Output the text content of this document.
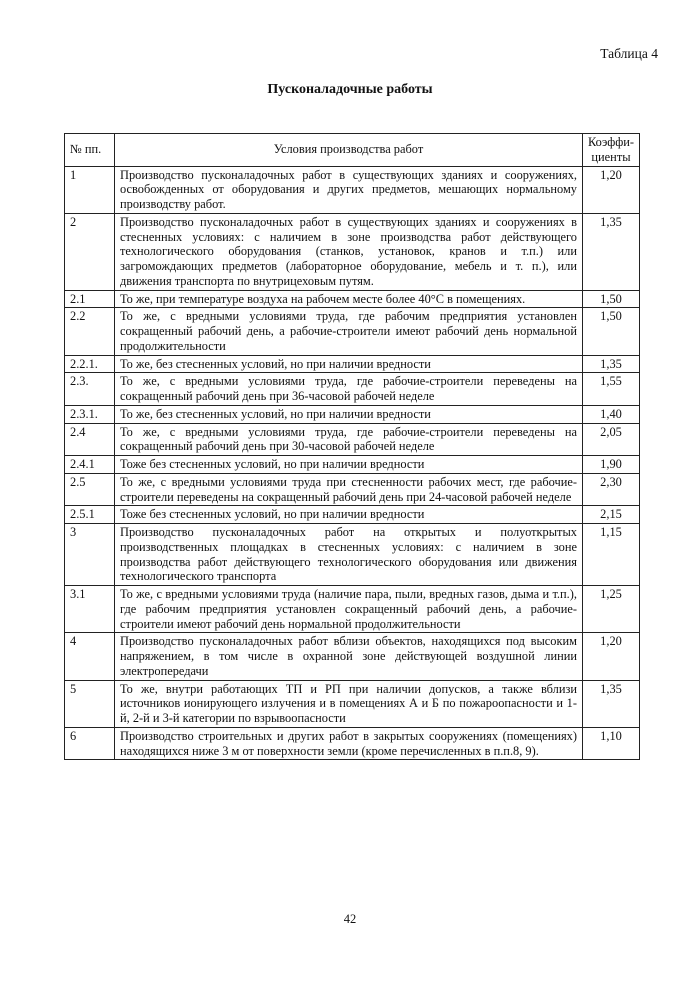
Таблица 4
Пусконаладочные работы
№ пп.	Условия производства работ	Коэффи-циенты
1	Производство пусконаладочных работ в существующих зданиях и сооружениях, освобожденных от оборудования и других предметов, мешающих нормальному производству работ.	1,20
2	Производство пусконаладочных работ в существующих зданиях и сооружениях в стесненных условиях: с наличием в зоне производства работ действующего технологического оборудования (станков, установок, кранов и т.п.) или загромождающих предметов (лабораторное оборудование, мебель и т. п.), или движения транспорта по внутрицеховым путям.	1,35
2.1	То же, при температуре воздуха на рабочем месте более 40°С в помещениях.	1,50
2.2	То же, с вредными условиями труда, где рабочим предприятия установлен сокращенный рабочий день, а рабочие-строители имеют рабочий день нормальной продолжительности	1,50
2.2.1.	То же, без стесненных условий, но при наличии вредности	1,35
2.3.	То же, с вредными условиями труда, где рабочие-строители переведены на сокращенный рабочий день при 36-часовой рабочей неделе	1,55
2.3.1.	То же, без стесненных условий, но при наличии вредности	1,40
2.4	То же, с вредными условиями труда, где рабочие-строители переведены на сокращенный рабочий день при 30-часовой рабочей неделе	2,05
2.4.1	Тоже без стесненных условий, но при наличии вредности	1,90
2.5	То же, с вредными условиями труда при стесненности рабочих мест, где рабочие-строители переведены на сокращенный рабочий день при 24-часовой рабочей неделе	2,30
2.5.1	Тоже без стесненных условий, но при наличии вредности	2,15
3	Производство пусконаладочных работ на открытых и полуоткрытых производственных площадках в стесненных условиях: с наличием в зоне производства работ действующего технологического оборудования или движения технологического транспорта	1,15
3.1	То же, с вредными условиями труда (наличие пара, пыли, вредных газов, дыма и т.п.), где рабочим предприятия установлен сокращенный рабочий день, а рабочие-строители имеют рабочий день нормальной продолжительности	1,25
4	Производство пусконаладочных работ вблизи объектов, находящихся под высоким напряжением, в том числе в охранной зоне действующей воздушной линии электропередачи	1,20
5	То же, внутри работающих ТП и РП при наличии допусков, а также вблизи источников ионирующего излучения и в помещениях А и Б по пожароопасности и 1-й, 2-й и 3-й категории по взрывоопасности	1,35
6	Производство строительных и других работ в закрытых сооружениях (помещениях) находящихся ниже 3 м от поверхности земли (кроме перечисленных в п.п.8, 9).	1,10
42
